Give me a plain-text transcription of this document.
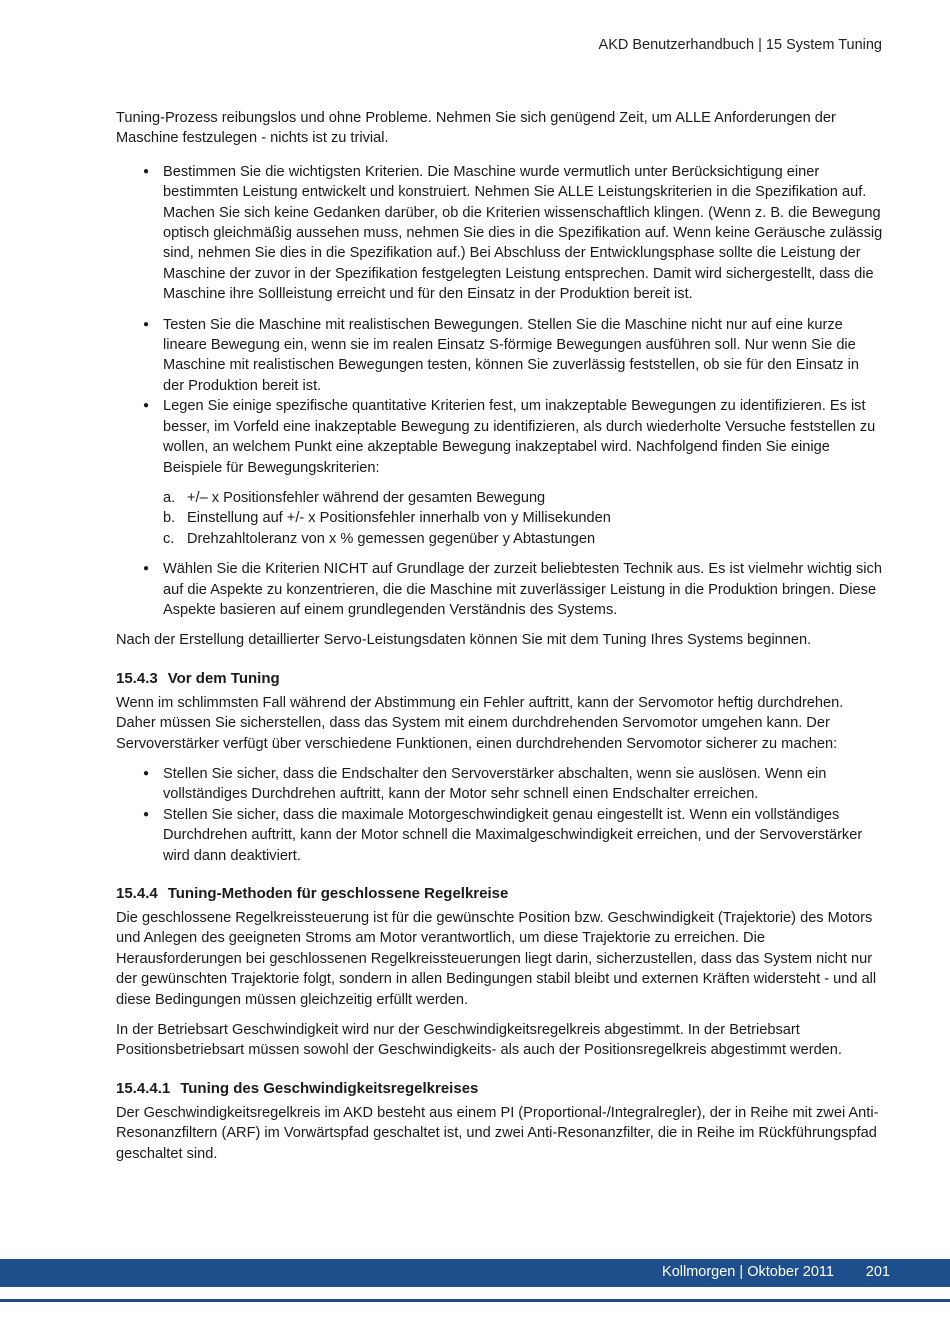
AKD Benutzerhandbuch | 15 System Tuning

Tuning-Prozess reibungslos und ohne Probleme. Nehmen Sie sich genügend Zeit, um ALLE Anforderungen der Maschine festzulegen - nichts ist zu trivial.

● Bestimmen Sie die wichtigsten Kriterien. Die Maschine wurde vermutlich unter Berücksichtigung einer bestimmten Leistung entwickelt und konstruiert. Nehmen Sie ALLE Leistungskriterien in die Spezifikation auf. Machen Sie sich keine Gedanken darüber, ob die Kriterien wissenschaftlich klingen. (Wenn z. B. die Bewegung optisch gleichmäßig aussehen muss, nehmen Sie dies in die Spezifikation auf. Wenn keine Geräusche zulässig sind, nehmen Sie dies in die Spezifikation auf.) Bei Abschluss der Entwicklungsphase sollte die Leistung der Maschine der zuvor in der Spezifikation festgelegten Leistung entsprechen. Damit wird sichergestellt, dass die Maschine ihre Sollleistung erreicht und für den Einsatz in der Produktion bereit ist.
● Testen Sie die Maschine mit realistischen Bewegungen. Stellen Sie die Maschine nicht nur auf eine kurze lineare Bewegung ein, wenn sie im realen Einsatz S-förmige Bewegungen ausführen soll. Nur wenn Sie die Maschine mit realistischen Bewegungen testen, können Sie zuverlässig feststellen, ob sie für den Einsatz in der Produktion bereit ist.
● Legen Sie einige spezifische quantitative Kriterien fest, um inakzeptable Bewegungen zu identifizieren. Es ist besser, im Vorfeld eine inakzeptable Bewegung zu identifizieren, als durch wiederholte Versuche feststellen zu wollen, an welchem Punkt eine akzeptable Bewegung inakzeptabel wird. Nachfolgend finden Sie einige Beispiele für Bewegungskriterien:
a. +/– x Positionsfehler während der gesamten Bewegung
b. Einstellung auf +/- x Positionsfehler innerhalb von y Millisekunden
c. Drehzahltoleranz von x % gemessen gegenüber y Abtastungen
● Wählen Sie die Kriterien NICHT auf Grundlage der zurzeit beliebtesten Technik aus. Es ist vielmehr wichtig sich auf die Aspekte zu konzentrieren, die die Maschine mit zuverlässiger Leistung in die Produktion bringen. Diese Aspekte basieren auf einem grundlegenden Verständnis des Systems.

Nach der Erstellung detaillierter Servo-Leistungsdaten können Sie mit dem Tuning Ihres Systems beginnen.

15.4.3 Vor dem Tuning

Wenn im schlimmsten Fall während der Abstimmung ein Fehler auftritt, kann der Servomotor heftig durchdrehen. Daher müssen Sie sicherstellen, dass das System mit einem durchdrehenden Servomotor umgehen kann. Der Servoverstärker verfügt über verschiedene Funktionen, einen durchdrehenden Servomotor sicherer zu machen:

● Stellen Sie sicher, dass die Endschalter den Servoverstärker abschalten, wenn sie auslösen. Wenn ein vollständiges Durchdrehen auftritt, kann der Motor sehr schnell einen Endschalter erreichen.
● Stellen Sie sicher, dass die maximale Motorgeschwindigkeit genau eingestellt ist. Wenn ein vollständiges Durchdrehen auftritt, kann der Motor schnell die Maximalgeschwindigkeit erreichen, und der Servoverstärker wird dann deaktiviert.
15.4.4 Tuning-Methoden für geschlossene Regelkreise

Die geschlossene Regelkreissteuerung ist für die gewünschte Position bzw. Geschwindigkeit (Trajektorie) des Motors und Anlegen des geeigneten Stroms am Motor verantwortlich, um diese Trajektorie zu erreichen. Die Herausforderungen bei geschlossenen Regelkreissteuerungen liegt darin, sicherzustellen, dass das System nicht nur der gewünschten Trajektorie folgt, sondern in allen Bedingungen stabil bleibt und externen Kräften widersteht - und all diese Bedingungen müssen gleichzeitig erfüllt werden.

In der Betriebsart Geschwindigkeit wird nur der Geschwindigkeitsregelkreis abgestimmt. In der Betriebsart Positionsbetriebsart müssen sowohl der Geschwindigkeits- als auch der Positionsregelkreis abgestimmt werden.

15.4.4.1 Tuning des Geschwindigkeitsregelkreises

Der Geschwindigkeitsregelkreis im AKD besteht aus einem PI (Proportional-/Integralregler), der in Reihe mit zwei Anti-Resonanzfiltern (ARF) im Vorwärtspfad geschaltet ist, und zwei Anti-Resonanzfilter, die in Reihe im Rückführungspfad geschaltet sind.

Kollmorgen | Oktober 2011 201
